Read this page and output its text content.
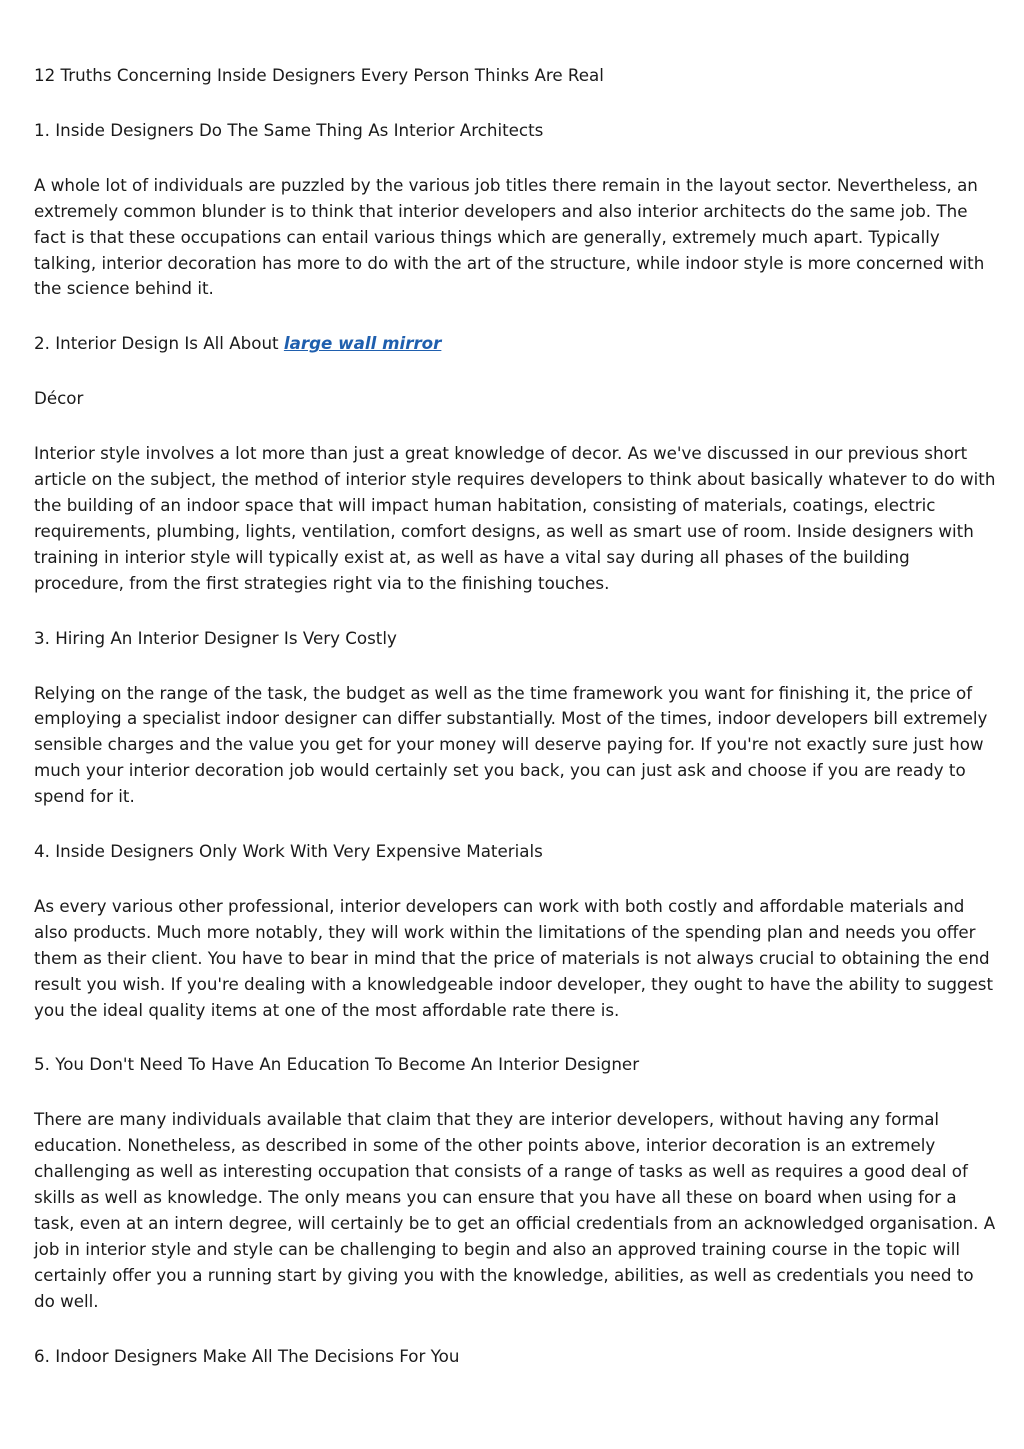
12 Truths Concerning Inside Designers Every Person Thinks Are Real

1. Inside Designers Do The Same Thing As Interior Architects

A whole lot of individuals are puzzled by the various job titles there remain in the layout sector. Nevertheless, an extremely common blunder is to think that interior developers and also interior architects do the same job. The fact is that these occupations can entail various things which are generally, extremely much apart. Typically talking, interior decoration has more to do with the art of the structure, while indoor style is more concerned with the science behind it.

2. Interior Design Is All About large wall mirror

Décor

Interior style involves a lot more than just a great knowledge of decor. As we've discussed in our previous short article on the subject, the method of interior style requires developers to think about basically whatever to do with the building of an indoor space that will impact human habitation, consisting of materials, coatings, electric requirements, plumbing, lights, ventilation, comfort designs, as well as smart use of room. Inside designers with training in interior style will typically exist at, as well as have a vital say during all phases of the building procedure, from the first strategies right via to the finishing touches.

3. Hiring An Interior Designer Is Very Costly

Relying on the range of the task, the budget as well as the time framework you want for finishing it, the price of employing a specialist indoor designer can differ substantially. Most of the times, indoor developers bill extremely sensible charges and the value you get for your money will deserve paying for. If you're not exactly sure just how much your interior decoration job would certainly set you back, you can just ask and choose if you are ready to spend for it.

4. Inside Designers Only Work With Very Expensive Materials

As every various other professional, interior developers can work with both costly and affordable materials and also products. Much more notably, they will work within the limitations of the spending plan and needs you offer them as their client. You have to bear in mind that the price of materials is not always crucial to obtaining the end result you wish. If you're dealing with a knowledgeable indoor developer, they ought to have the ability to suggest you the ideal quality items at one of the most affordable rate there is.

5. You Don't Need To Have An Education To Become An Interior Designer

There are many individuals available that claim that they are interior developers, without having any formal education. Nonetheless, as described in some of the other points above, interior decoration is an extremely challenging as well as interesting occupation that consists of a range of tasks as well as requires a good deal of skills as well as knowledge. The only means you can ensure that you have all these on board when using for a task, even at an intern degree, will certainly be to get an official credentials from an acknowledged organisation. A job in interior style and style can be challenging to begin and also an approved training course in the topic will certainly offer you a running start by giving you with the knowledge, abilities, as well as credentials you need to do well.

6. Indoor Designers Make All The Decisions For You
